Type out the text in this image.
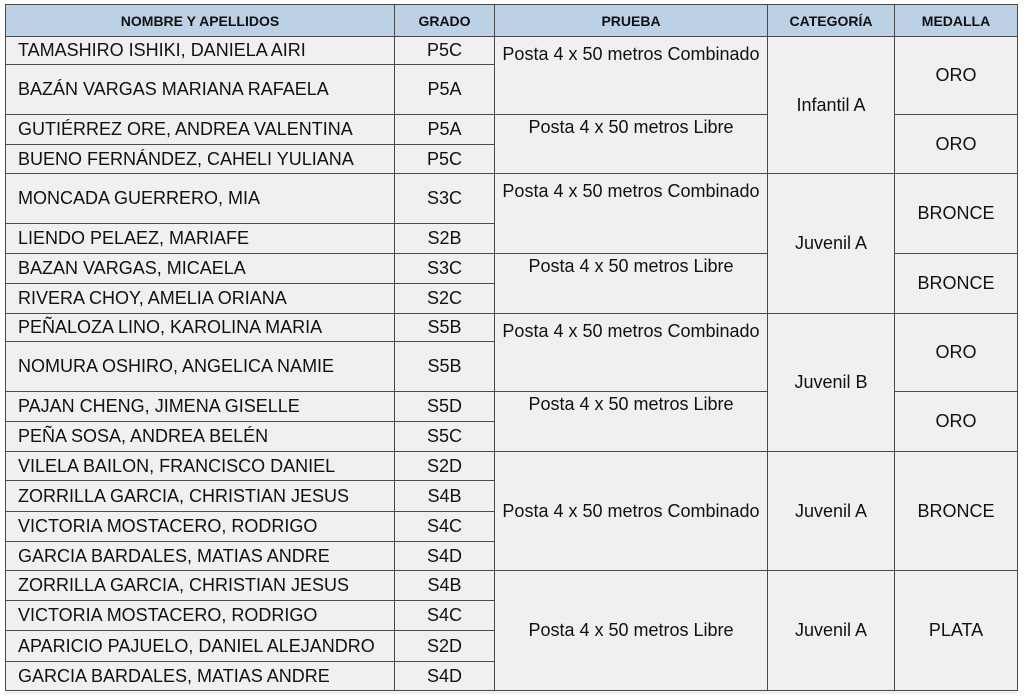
NOMBRE Y APELLIDOS	GRADO	PRUEBA	CATEGORÍA	MEDALLA
TAMASHIRO ISHIKI, DANIELA AIRI	P5C	Posta 4 x 50 metros Combinado	Infantil A	ORO
BAZÁN VARGAS MARIANA RAFAELA	P5A			
GUTIÉRREZ ORE, ANDREA VALENTINA	P5A	Posta 4 x 50 metros Libre		ORO
BUENO FERNÁNDEZ, CAHELI YULIANA	P5C			
MONCADA GUERRERO, MIA	S3C	Posta 4 x 50 metros Combinado	Juvenil A	BRONCE
LIENDO PELAEZ, MARIAFE	S2B			
BAZAN VARGAS, MICAELA	S3C	Posta 4 x 50 metros Libre		BRONCE
RIVERA CHOY, AMELIA ORIANA	S2C			
PEÑALOZA LINO, KAROLINA MARIA	S5B	Posta 4 x 50 metros Combinado	Juvenil B	ORO
NOMURA OSHIRO, ANGELICA NAMIE	S5B			
PAJAN CHENG, JIMENA GISELLE	S5D	Posta 4 x 50 metros Libre		ORO
PEÑA SOSA, ANDREA BELÉN	S5C			
VILELA BAILON, FRANCISCO DANIEL	S2D	Posta 4 x 50 metros Combinado	Juvenil A	BRONCE
ZORRILLA GARCIA, CHRISTIAN JESUS	S4B			
VICTORIA MOSTACERO, RODRIGO	S4C			
GARCIA BARDALES, MATIAS ANDRE	S4D			
ZORRILLA GARCIA, CHRISTIAN JESUS	S4B	Posta 4 x 50 metros Libre	Juvenil A	PLATA
VICTORIA MOSTACERO, RODRIGO	S4C			
APARICIO PAJUELO, DANIEL ALEJANDRO	S2D			
GARCIA BARDALES, MATIAS ANDRE	S4D			
